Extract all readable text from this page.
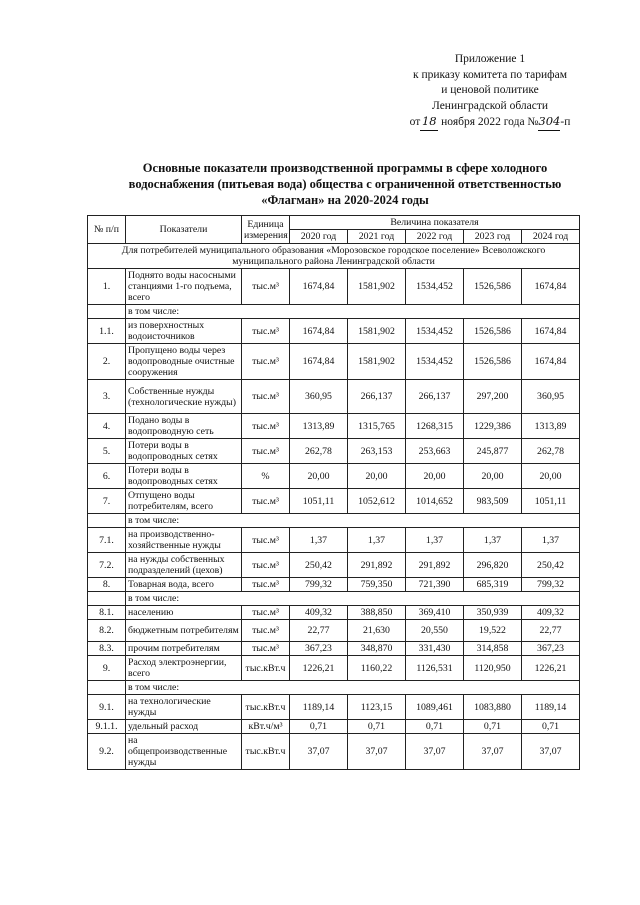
Приложение 1
к приказу комитета по тарифам
и ценовой политике
Ленинградской области
от 18 ноября 2022 года №304-п
Основные показатели производственной программы в сфере холодного водоснабжения (питьевая вода) общества с ограниченной ответственностью «Флагман» на 2020-2024 годы
№ п/п	Показатели	Единица измерения	Величина показателя				
			2020 год	2021 год	2022 год	2023 год	2024 год
Для потребителей муниципального образования «Морозовское городское поселение» Всеволожского муниципального района Ленинградской области							
1.	Поднято воды насосными станциями 1-го подъема, всего	тыс.м³	1674,84	1581,902	1534,452	1526,586	1674,84
	в том числе:						
1.1.	из поверхностных водоисточников	тыс.м³	1674,84	1581,902	1534,452	1526,586	1674,84
2.	Пропущено воды через водопроводные очистные сооружения	тыс.м³	1674,84	1581,902	1534,452	1526,586	1674,84
3.	Собственные нужды (технологические нужды)	тыс.м³	360,95	266,137	266,137	297,200	360,95
4.	Подано воды в водопроводную сеть	тыс.м³	1313,89	1315,765	1268,315	1229,386	1313,89
5.	Потери воды в водопроводных сетях	тыс.м³	262,78	263,153	253,663	245,877	262,78
6.	Потери воды в водопроводных сетях	%	20,00	20,00	20,00	20,00	20,00
7.	Отпущено воды потребителям, всего	тыс.м³	1051,11	1052,612	1014,652	983,509	1051,11
	в том числе:						
7.1.	на производственно-хозяйственные нужды	тыс.м³	1,37	1,37	1,37	1,37	1,37
7.2.	на нужды собственных подразделений (цехов)	тыс.м³	250,42	291,892	291,892	296,820	250,42
8.	Товарная вода, всего	тыс.м³	799,32	759,350	721,390	685,319	799,32
	в том числе:						
8.1.	населению	тыс.м³	409,32	388,850	369,410	350,939	409,32
8.2.	бюджетным потребителям	тыс.м³	22,77	21,630	20,550	19,522	22,77
8.3.	прочим потребителям	тыс.м³	367,23	348,870	331,430	314,858	367,23
9.	Расход электроэнергии, всего	тыс.кВт.ч	1226,21	1160,22	1126,531	1120,950	1226,21
	в том числе:						
9.1.	на технологические нужды	тыс.кВт.ч	1189,14	1123,15	1089,461	1083,880	1189,14
9.1.1.	удельный расход	кВт.ч/м³	0,71	0,71	0,71	0,71	0,71
9.2.	на общепроизводственные нужды	тыс.кВт.ч	37,07	37,07	37,07	37,07	37,07
